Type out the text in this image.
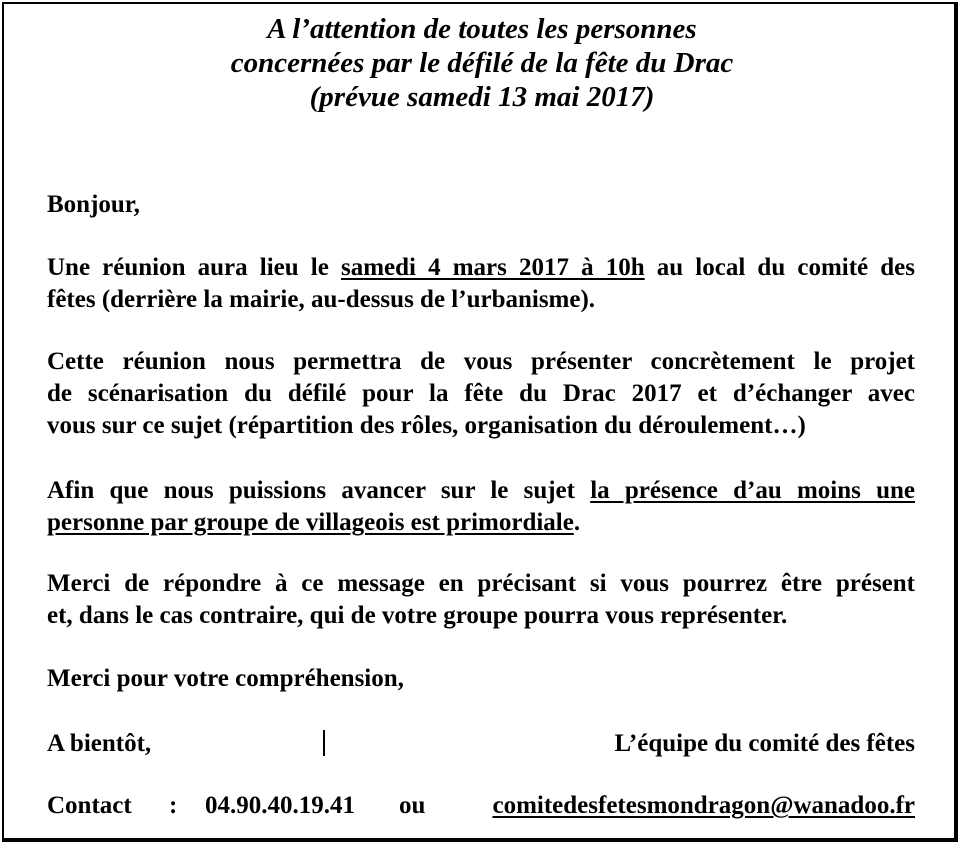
A l’attention de toutes les personnes
concernées par le défilé de la fête du Drac
(prévue samedi 13 mai 2017)
Bonjour,
Une réunion aura lieu le samedi 4 mars 2017 à 10h au local du comité des
fêtes (derrière la mairie, au-dessus de l’urbanisme).
Cette réunion nous permettra de vous présenter concrètement le projet
de scénarisation du défilé pour la fête du Drac 2017 et d’échanger avec
vous sur ce sujet (répartition des rôles, organisation du déroulement…)
Afin que nous puissions avancer sur le sujet la présence d’au moins une
personne par groupe de villageois est primordiale.
Merci de répondre à ce message en précisant si vous pourrez être présent
et, dans le cas contraire, qui de votre groupe pourra vous représenter.
Merci pour votre compréhension,
A bientôt,	L’équipe du comité des fêtes
Contact : 04.90.40.19.41 ou	comitedesfetesmondragon@wanadoo.fr
